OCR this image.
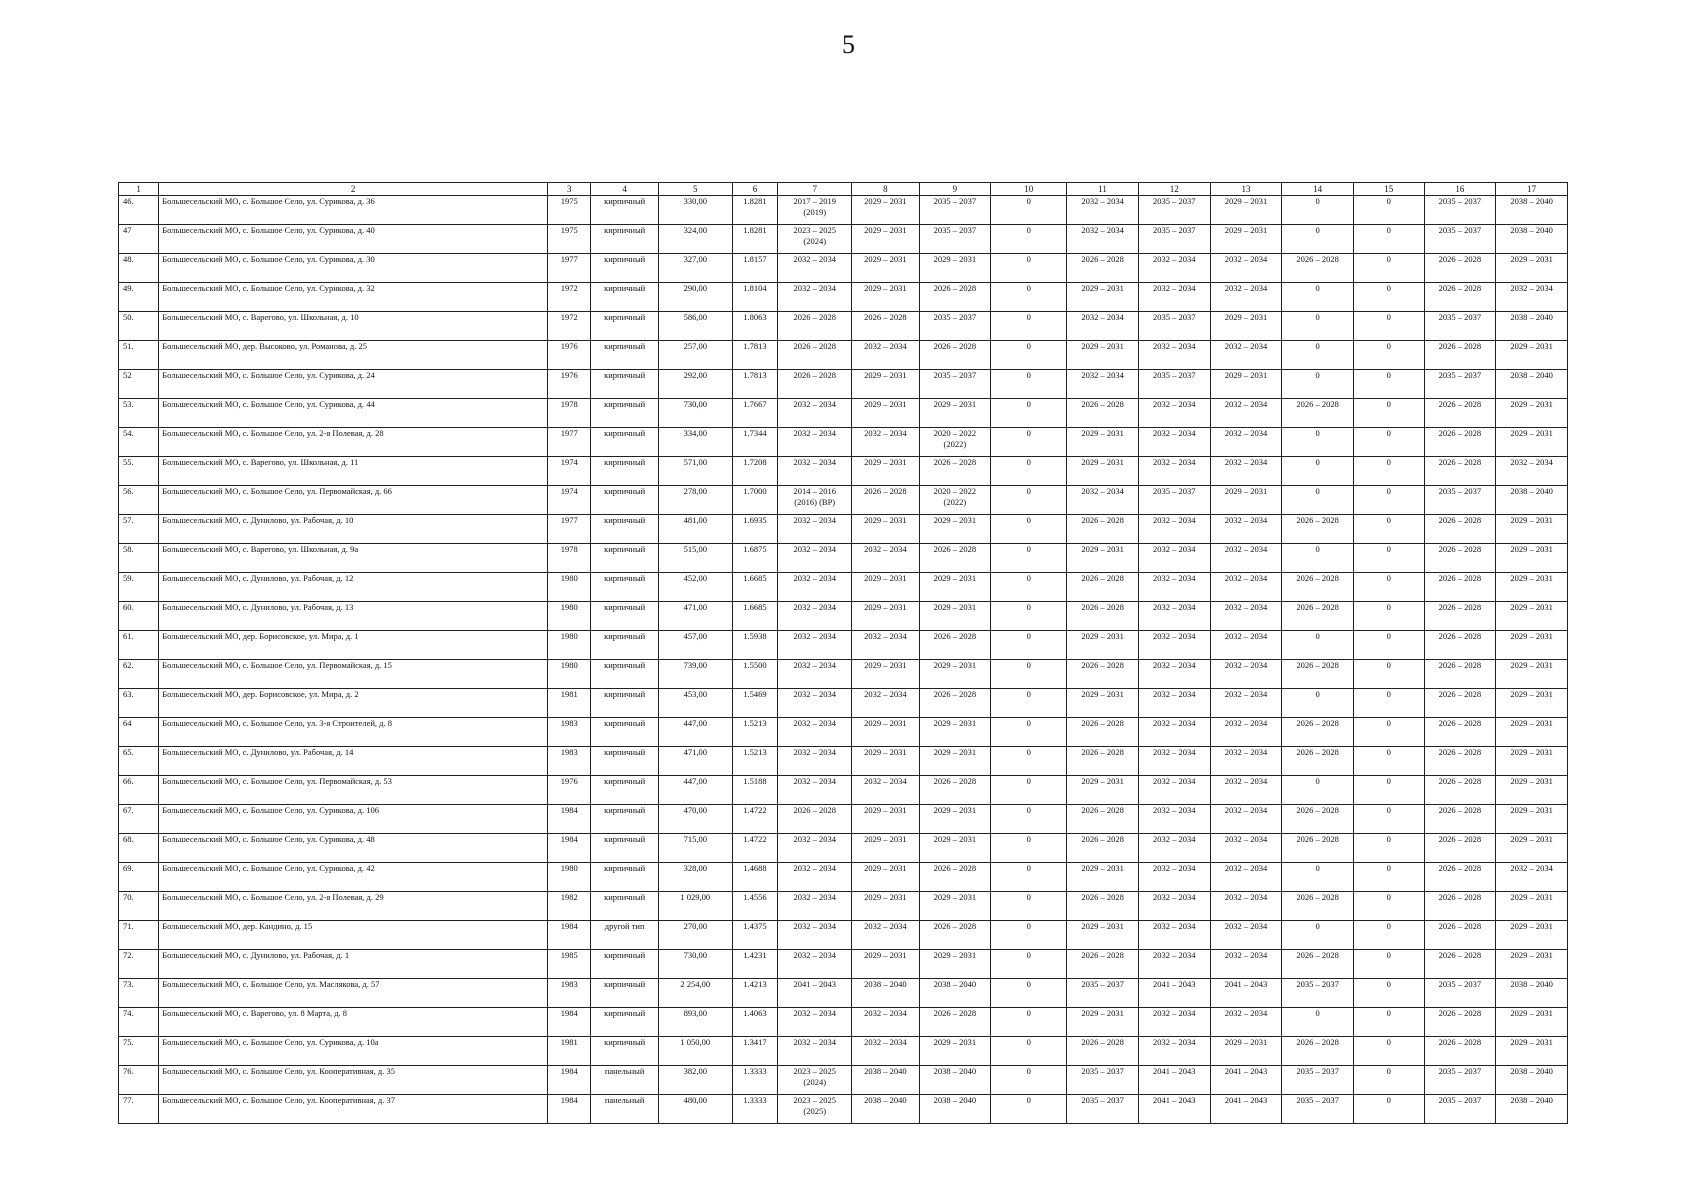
5
1	2	3	4	5	6	7	8	9	10	11	12	13	14	15	16	17
46.	Большесельский МО, с. Большое Село, ул. Сурикова, д. 36	1975	кирпичный	330,00	1.8281	2017 – 2019
(2019)	2029 – 2031	2035 – 2037	0	2032 – 2034	2035 – 2037	2029 – 2031	0	0	2035 – 2037	2038 – 2040
47	Большесельский МО, с. Большое Село, ул. Сурикова, д. 40	1975	кирпичный	324,00	1.8281	2023 – 2025
(2024)	2029 – 2031	2035 – 2037	0	2032 – 2034	2035 – 2037	2029 – 2031	0	0	2035 – 2037	2038 – 2040
48.	Большесельский МО, с. Большое Село, ул. Сурикова, д. 30	1977	кирпичный	327,00	1.8157	2032 – 2034	2029 – 2031	2029 – 2031	0	2026 – 2028	2032 – 2034	2032 – 2034	2026 – 2028	0	2026 – 2028	2029 – 2031
49.	Большесельский МО, с. Большое Село, ул. Сурикова, д. 32	1972	кирпичный	290,00	1.8104	2032 – 2034	2029 – 2031	2026 – 2028	0	2029 – 2031	2032 – 2034	2032 – 2034	0	0	2026 – 2028	2032 – 2034
50.	Большесельский МО, с. Варегово, ул. Школьная, д. 10	1972	кирпичный	586,00	1.8063	2026 – 2028	2026 – 2028	2035 – 2037	0	2032 – 2034	2035 – 2037	2029 – 2031	0	0	2035 – 2037	2038 – 2040
51.	Большесельский МО, дер. Высоково, ул. Романова, д. 25	1976	кирпичный	257,00	1.7813	2026 – 2028	2032 – 2034	2026 – 2028	0	2029 – 2031	2032 – 2034	2032 – 2034	0	0	2026 – 2028	2029 – 2031
52	Большесельский МО, с. Большое Село, ул. Сурикова, д. 24	1976	кирпичный	292,00	1.7813	2026 – 2028	2029 – 2031	2035 – 2037	0	2032 – 2034	2035 – 2037	2029 – 2031	0	0	2035 – 2037	2038 – 2040
53.	Большесельский МО, с. Большое Село, ул. Сурикова, д. 44	1978	кирпичный	730,00	1.7667	2032 – 2034	2029 – 2031	2029 – 2031	0	2026 – 2028	2032 – 2034	2032 – 2034	2026 – 2028	0	2026 – 2028	2029 – 2031
54.	Большесельский МО, с. Большое Село, ул. 2-я Полевая, д. 28	1977	кирпичный	334,00	1.7344	2032 – 2034	2032 – 2034	2020 – 2022
(2022)	0	2029 – 2031	2032 – 2034	2032 – 2034	0	0	2026 – 2028	2029 – 2031
55.	Большесельский МО, с. Варегово, ул. Школьная, д. 11	1974	кирпичный	571,00	1.7208	2032 – 2034	2029 – 2031	2026 – 2028	0	2029 – 2031	2032 – 2034	2032 – 2034	0	0	2026 – 2028	2032 – 2034
56.	Большесельский МО, с. Большое Село, ул. Первомайская, д. 66	1974	кирпичный	278,00	1.7000	2014 – 2016
(2016) (ВР)	2026 – 2028	2020 – 2022
(2022)	0	2032 – 2034	2035 – 2037	2029 – 2031	0	0	2035 – 2037	2038 – 2040
57.	Большесельский МО, с. Дунилово, ул. Рабочая, д. 10	1977	кирпичный	481,00	1.6935	2032 – 2034	2029 – 2031	2029 – 2031	0	2026 – 2028	2032 – 2034	2032 – 2034	2026 – 2028	0	2026 – 2028	2029 – 2031
58.	Большесельский МО, с. Варегово, ул. Школьная, д. 9а	1978	кирпичный	515,00	1.6875	2032 – 2034	2032 – 2034	2026 – 2028	0	2029 – 2031	2032 – 2034	2032 – 2034	0	0	2026 – 2028	2029 – 2031
59.	Большесельский МО, с. Дунилово, ул. Рабочая, д. 12	1980	кирпичный	452,00	1.6685	2032 – 2034	2029 – 2031	2029 – 2031	0	2026 – 2028	2032 – 2034	2032 – 2034	2026 – 2028	0	2026 – 2028	2029 – 2031
60.	Большесельский МО, с. Дунилово, ул. Рабочая, д. 13	1980	кирпичный	471,00	1.6685	2032 – 2034	2029 – 2031	2029 – 2031	0	2026 – 2028	2032 – 2034	2032 – 2034	2026 – 2028	0	2026 – 2028	2029 – 2031
61.	Большесельский МО, дер. Борисовское, ул. Мира, д. 1	1980	кирпичный	457,00	1.5938	2032 – 2034	2032 – 2034	2026 – 2028	0	2029 – 2031	2032 – 2034	2032 – 2034	0	0	2026 – 2028	2029 – 2031
62.	Большесельский МО, с. Большое Село, ул. Первомайская, д. 15	1980	кирпичный	739,00	1.5500	2032 – 2034	2029 – 2031	2029 – 2031	0	2026 – 2028	2032 – 2034	2032 – 2034	2026 – 2028	0	2026 – 2028	2029 – 2031
63.	Большесельский МО, дер. Борисовское, ул. Мира, д. 2	1981	кирпичный	453,00	1.5469	2032 – 2034	2032 – 2034	2026 – 2028	0	2029 – 2031	2032 – 2034	2032 – 2034	0	0	2026 – 2028	2029 – 2031
64	Большесельский МО, с. Большое Село, ул. 3-я Строителей, д. 8	1983	кирпичный	447,00	1.5213	2032 – 2034	2029 – 2031	2029 – 2031	0	2026 – 2028	2032 – 2034	2032 – 2034	2026 – 2028	0	2026 – 2028	2029 – 2031
65.	Большесельский МО, с. Дунилово, ул. Рабочая, д. 14	1983	кирпичный	471,00	1.5213	2032 – 2034	2029 – 2031	2029 – 2031	0	2026 – 2028	2032 – 2034	2032 – 2034	2026 – 2028	0	2026 – 2028	2029 – 2031
66.	Большесельский МО, с. Большое Село, ул. Первомайская, д. 53	1976	кирпичный	447,00	1.5188	2032 – 2034	2032 – 2034	2026 – 2028	0	2029 – 2031	2032 – 2034	2032 – 2034	0	0	2026 – 2028	2029 – 2031
67.	Большесельский МО, с. Большое Село, ул. Сурикова, д. 106	1984	кирпичный	470,00	1.4722	2026 – 2028	2029 – 2031	2029 – 2031	0	2026 – 2028	2032 – 2034	2032 – 2034	2026 – 2028	0	2026 – 2028	2029 – 2031
68.	Большесельский МО, с. Большое Село, ул. Сурикова, д. 48	1984	кирпичный	715,00	1.4722	2032 – 2034	2029 – 2031	2029 – 2031	0	2026 – 2028	2032 – 2034	2032 – 2034	2026 – 2028	0	2026 – 2028	2029 – 2031
69.	Большесельский МО, с. Большое Село, ул. Сурикова, д. 42	1980	кирпичный	328,00	1.4688	2032 – 2034	2029 – 2031	2026 – 2028	0	2029 – 2031	2032 – 2034	2032 – 2034	0	0	2026 – 2028	2032 – 2034
70.	Большесельский МО, с. Большое Село, ул. 2-я Полевая, д. 29	1982	кирпичный	1 029,00	1.4556	2032 – 2034	2029 – 2031	2029 – 2031	0	2026 – 2028	2032 – 2034	2032 – 2034	2026 – 2028	0	2026 – 2028	2029 – 2031
71.	Большесельский МО, дер. Кандино, д. 15	1984	другой тип	270,00	1.4375	2032 – 2034	2032 – 2034	2026 – 2028	0	2029 – 2031	2032 – 2034	2032 – 2034	0	0	2026 – 2028	2029 – 2031
72.	Большесельский МО, с. Дунилово, ул. Рабочая, д. 1	1985	кирпичный	730,00	1.4231	2032 – 2034	2029 – 2031	2029 – 2031	0	2026 – 2028	2032 – 2034	2032 – 2034	2026 – 2028	0	2026 – 2028	2029 – 2031
73.	Большесельский МО, с. Большое Село, ул. Маслякова, д. 57	1983	кирпичный	2 254,00	1.4213	2041 – 2043	2038 – 2040	2038 – 2040	0	2035 – 2037	2041 – 2043	2041 – 2043	2035 – 2037	0	2035 – 2037	2038 – 2040
74.	Большесельский МО, с. Варегово, ул. 8 Марта, д. 8	1984	кирпичный	893,00	1.4063	2032 – 2034	2032 – 2034	2026 – 2028	0	2029 – 2031	2032 – 2034	2032 – 2034	0	0	2026 – 2028	2029 – 2031
75.	Большесельский МО, с. Большое Село, ул. Сурикова, д. 10а	1981	кирпичный	1 050,00	1.3417	2032 – 2034	2032 – 2034	2029 – 2031	0	2026 – 2028	2032 – 2034	2029 – 2031	2026 – 2028	0	2026 – 2028	2029 – 2031
76.	Большесельский МО, с. Большое Село, ул. Кооперативная, д. 35	1984	панельный	382,00	1.3333	2023 – 2025
(2024)	2038 – 2040	2038 – 2040	0	2035 – 2037	2041 – 2043	2041 – 2043	2035 – 2037	0	2035 – 2037	2038 – 2040
77.	Большесельский МО, с. Большое Село, ул. Кооперативная, д. 37	1984	панельный	480,00	1.3333	2023 – 2025
(2025)	2038 – 2040	2038 – 2040	0	2035 – 2037	2041 – 2043	2041 – 2043	2035 – 2037	0	2035 – 2037	2038 – 2040
